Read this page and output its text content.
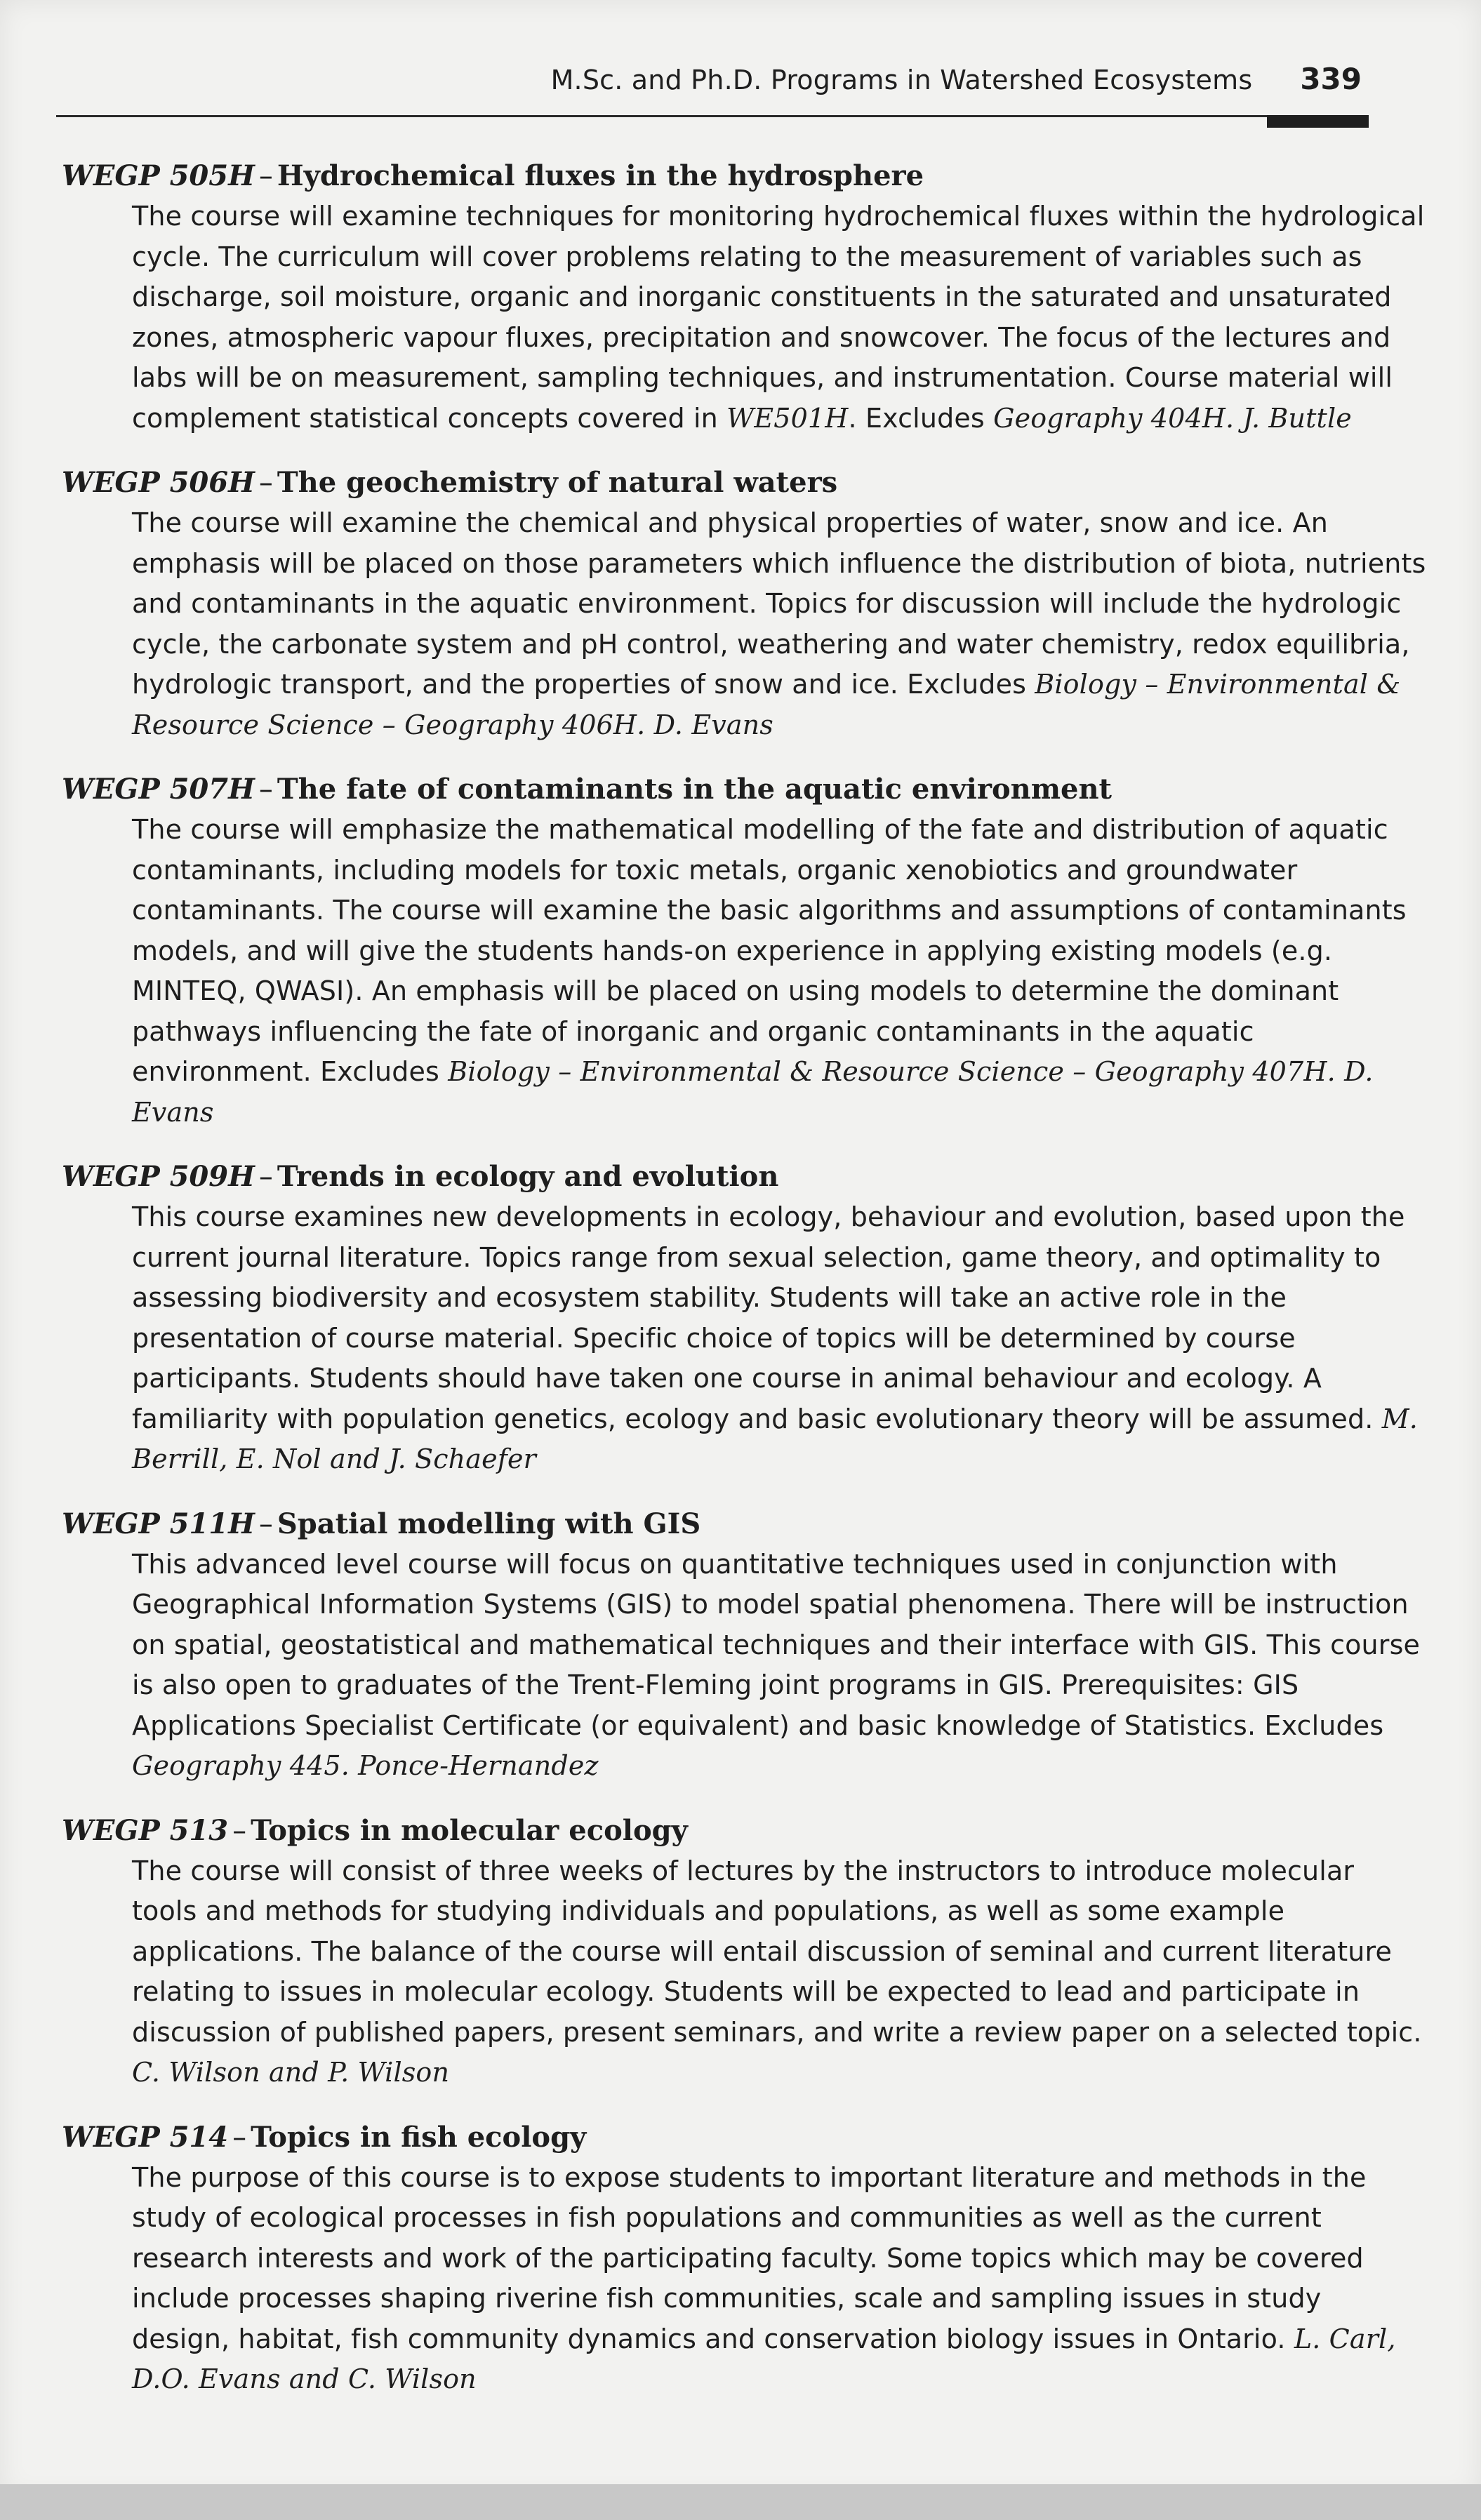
M.Sc. and Ph.D. Programs in Watershed Ecosystems 339
WEGP 505H – Hydrochemical fluxes in the hydrosphere
The course will examine techniques for monitoring hydrochemical fluxes within the hydrological cycle. The curriculum will cover problems relating to the measurement of variables such as discharge, soil moisture, organic and inorganic constituents in the saturated and unsaturated zones, atmospheric vapour fluxes, precipitation and snowcover. The focus of the lectures and labs will be on measurement, sampling techniques, and instrumentation. Course material will complement statistical concepts covered in WE501H. Excludes Geography 404H. J. Buttle
WEGP 506H – The geochemistry of natural waters
The course will examine the chemical and physical properties of water, snow and ice. An emphasis will be placed on those parameters which influence the distribution of biota, nutrients and contaminants in the aquatic environment. Topics for discussion will include the hydrologic cycle, the carbonate system and pH control, weathering and water chemistry, redox equilibria, hydrologic transport, and the properties of snow and ice. Excludes Biology – Environmental & Resource Science – Geography 406H. D. Evans
WEGP 507H – The fate of contaminants in the aquatic environment
The course will emphasize the mathematical modelling of the fate and distribution of aquatic contaminants, including models for toxic metals, organic xenobiotics and groundwater contaminants. The course will examine the basic algorithms and assumptions of contaminants models, and will give the students hands-on experience in applying existing models (e.g. MINTEQ, QWASI). An emphasis will be placed on using models to determine the dominant pathways influencing the fate of inorganic and organic contaminants in the aquatic environment. Excludes Biology – Environmental & Resource Science – Geography 407H. D. Evans
WEGP 509H – Trends in ecology and evolution
This course examines new developments in ecology, behaviour and evolution, based upon the current journal literature. Topics range from sexual selection, game theory, and optimality to assessing biodiversity and ecosystem stability. Students will take an active role in the presentation of course material. Specific choice of topics will be determined by course participants. Students should have taken one course in animal behaviour and ecology. A familiarity with population genetics, ecology and basic evolutionary theory will be assumed. M. Berrill, E. Nol and J. Schaefer
WEGP 511H – Spatial modelling with GIS
This advanced level course will focus on quantitative techniques used in conjunction with Geographical Information Systems (GIS) to model spatial phenomena. There will be instruction on spatial, geostatistical and mathematical techniques and their interface with GIS. This course is also open to graduates of the Trent-Fleming joint programs in GIS. Prerequisites: GIS Applications Specialist Certificate (or equivalent) and basic knowledge of Statistics. Excludes Geography 445. Ponce-Hernandez
WEGP 513 – Topics in molecular ecology
The course will consist of three weeks of lectures by the instructors to introduce molecular tools and methods for studying individuals and populations, as well as some example applications. The balance of the course will entail discussion of seminal and current literature relating to issues in molecular ecology. Students will be expected to lead and participate in discussion of published papers, present seminars, and write a review paper on a selected topic. C. Wilson and P. Wilson
WEGP 514 – Topics in fish ecology
The purpose of this course is to expose students to important literature and methods in the study of ecological processes in fish populations and communities as well as the current research interests and work of the participating faculty. Some topics which may be covered include processes shaping riverine fish communities, scale and sampling issues in study design, habitat, fish community dynamics and conservation biology issues in Ontario. L. Carl, D.O. Evans and C. Wilson
